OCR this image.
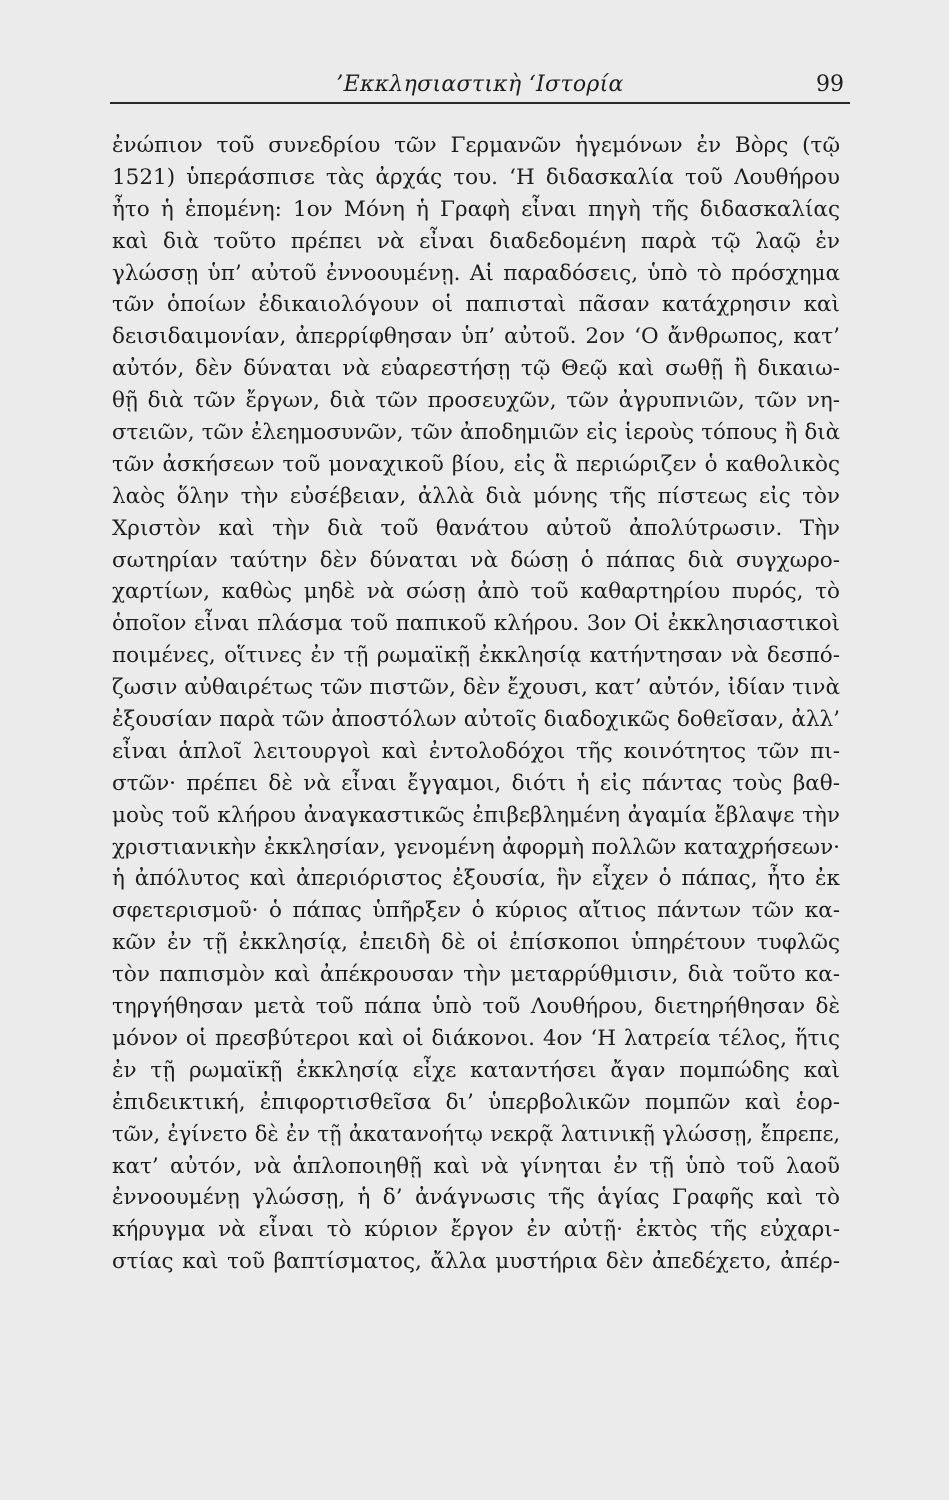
’Εκκλησιαστικὴ ‘Ιστορία	99
ἐνώπιον τοῦ συνεδρίου τῶν Γερμανῶν ἡγεμόνων ἐν Βὸρς (τῷ
1521) ὑπεράσπισε τὰς ἀρχάς του. ‘Η διδασκαλία τοῦ Λουθήρου
ἦτο ἡ ἑπομένη: 1ον Μόνη ἡ Γραφὴ εἶναι πηγὴ τῆς διδασκαλίας
καὶ διὰ τοῦτο πρέπει νὰ εἶναι διαδεδομένη παρὰ τῷ λαῷ ἐν
γλώσσῃ ὑπ’ αὐτοῦ ἐννοουμένῃ. Αἱ παραδόσεις, ὑπὸ τὸ πρόσχημα
τῶν ὁποίων ἐδικαιολόγουν οἱ παπισταὶ πᾶσαν κατάχρησιν καὶ
δεισιδαιμονίαν, ἀπερρίφθησαν ὑπ’ αὐτοῦ. 2ον ‘Ο ἄνθρωπος, κατ’
αὐτόν, δὲν δύναται νὰ εὐαρεστήσῃ τῷ Θεῷ καὶ σωθῇ ἢ δικαιω-
θῇ διὰ τῶν ἔργων, διὰ τῶν προσευχῶν, τῶν ἀγρυπνιῶν, τῶν νη-
στειῶν, τῶν ἐλεημοσυνῶν, τῶν ἀποδημιῶν εἰς ἱεροὺς τόπους ἢ διὰ
τῶν ἀσκήσεων τοῦ μοναχικοῦ βίου, εἰς ἃ περιώριζεν ὁ καθολικὸς
λαὸς ὅλην τὴν εὐσέβειαν, ἀλλὰ διὰ μόνης τῆς πίστεως εἰς τὸν
Χριστὸν καὶ τὴν διὰ τοῦ θανάτου αὐτοῦ ἀπολύτρωσιν. Τὴν
σωτηρίαν ταύτην δὲν δύναται νὰ δώσῃ ὁ πάπας διὰ συγχωρο-
χαρτίων, καθὼς μηδὲ νὰ σώσῃ ἀπὸ τοῦ καθαρτηρίου πυρός, τὸ
ὁποῖον εἶναι πλάσμα τοῦ παπικοῦ κλήρου. 3ον Οἱ ἐκκλησιαστικοὶ
ποιμένες, οἵτινες ἐν τῇ ρωμαϊκῇ ἐκκλησίᾳ κατήντησαν νὰ δεσπό-
ζωσιν αὐθαιρέτως τῶν πιστῶν, δὲν ἔχουσι, κατ’ αὐτόν, ἰδίαν τινὰ
ἐξουσίαν παρὰ τῶν ἀποστόλων αὐτοῖς διαδοχικῶς δοθεῖσαν, ἀλλ’
εἶναι ἁπλοῖ λειτουργοὶ καὶ ἐντολοδόχοι τῆς κοινότητος τῶν πι-
στῶν· πρέπει δὲ νὰ εἶναι ἔγγαμοι, διότι ἡ εἰς πάντας τοὺς βαθ-
μοὺς τοῦ κλήρου ἀναγκαστικῶς ἐπιβεβλημένη ἀγαμία ἔβλαψε τὴν
χριστιανικὴν ἐκκλησίαν, γενομένη ἀφορμὴ πολλῶν καταχρήσεων·
ἡ ἀπόλυτος καὶ ἀπεριόριστος ἐξουσία, ἣν εἶχεν ὁ πάπας, ἦτο ἐκ
σφετερισμοῦ· ὁ πάπας ὑπῆρξεν ὁ κύριος αἴτιος πάντων τῶν κα-
κῶν ἐν τῇ ἐκκλησίᾳ, ἐπειδὴ δὲ οἱ ἐπίσκοποι ὑπηρέτουν τυφλῶς
τὸν παπισμὸν καὶ ἀπέκρουσαν τὴν μεταρρύθμισιν, διὰ τοῦτο κα-
τηργήθησαν μετὰ τοῦ πάπα ὑπὸ τοῦ Λουθήρου, διετηρήθησαν δὲ
μόνον οἱ πρεσβύτεροι καὶ οἱ διάκονοι. 4ον ‘Η λατρεία τέλος, ἥτις
ἐν τῇ ρωμαϊκῇ ἐκκλησίᾳ εἶχε καταντήσει ἄγαν πομπώδης καὶ
ἐπιδεικτική, ἐπιφορτισθεῖσα δι’ ὑπερβολικῶν πομπῶν καὶ ἑορ-
τῶν, ἐγίνετο δὲ ἐν τῇ ἀκατανοήτῳ νεκρᾷ λατινικῇ γλώσσῃ, ἔπρεπε,
κατ’ αὐτόν, νὰ ἁπλοποιηθῇ καὶ νὰ γίνηται ἐν τῇ ὑπὸ τοῦ λαοῦ
ἐννοουμένῃ γλώσσῃ, ἡ δ’ ἀνάγνωσις τῆς ἁγίας Γραφῆς καὶ τὸ
κήρυγμα νὰ εἶναι τὸ κύριον ἔργον ἐν αὐτῇ· ἐκτὸς τῆς εὐχαρι-
στίας καὶ τοῦ βαπτίσματος, ἄλλα μυστήρια δὲν ἀπεδέχετο, ἀπέρ-
